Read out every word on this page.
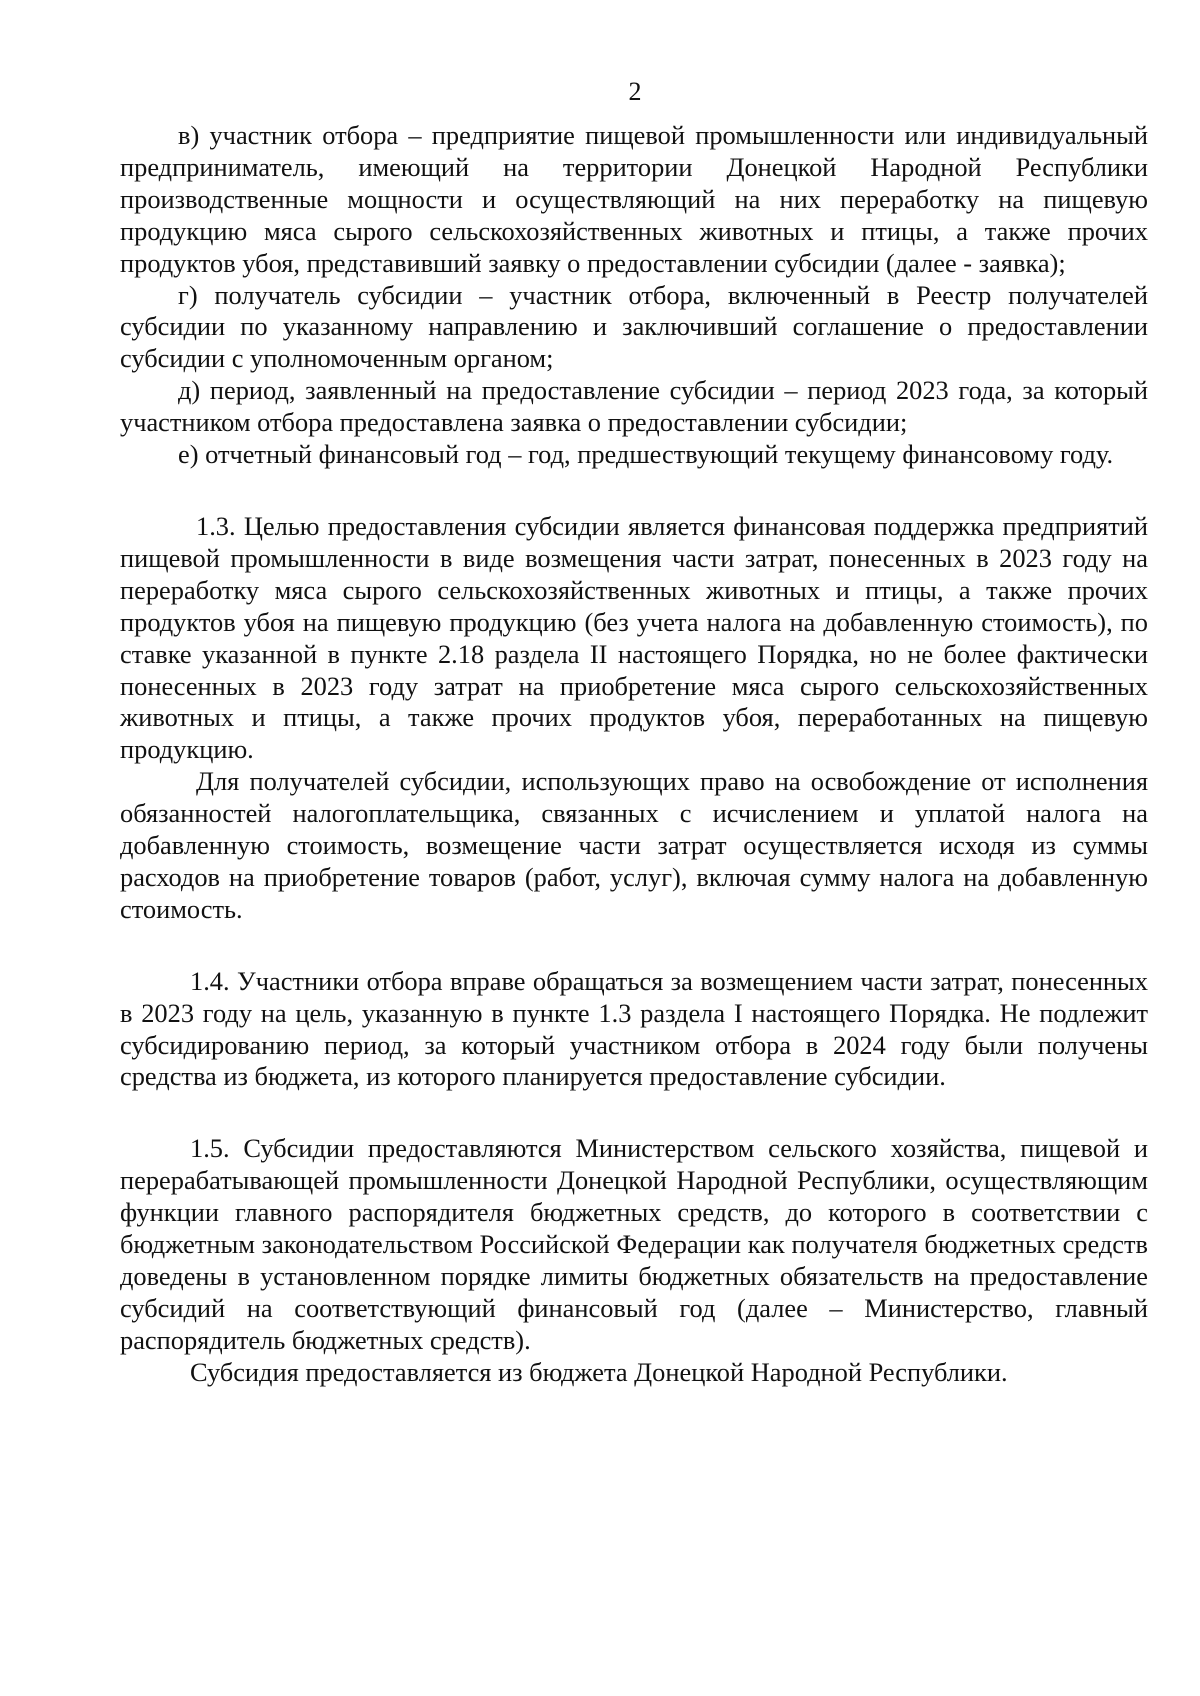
2

в) участник отбора – предприятие пищевой промышленности или индивидуальный предприниматель, имеющий на территории Донецкой Народной Республики производственные мощности и осуществляющий на них переработку на пищевую продукцию мяса сырого сельскохозяйственных животных и птицы, а также прочих продуктов убоя, представивший заявку о предоставлении субсидии (далее - заявка);

г) получатель субсидии – участник отбора, включенный в Реестр получателей субсидии по указанному направлению и заключивший соглашение о предоставлении субсидии с уполномоченным органом;

д) период, заявленный на предоставление субсидии – период 2023 года, за который участником отбора предоставлена заявка о предоставлении субсидии;

е) отчетный финансовый год – год, предшествующий текущему финансовому году.

1.3. Целью предоставления субсидии является финансовая поддержка предприятий пищевой промышленности в виде возмещения части затрат, понесенных в 2023 году на переработку мяса сырого сельскохозяйственных животных и птицы, а также прочих продуктов убоя на пищевую продукцию (без учета налога на добавленную стоимость), по ставке указанной в пункте 2.18 раздела II настоящего Порядка, но не более фактически понесенных в 2023 году затрат на приобретение мяса сырого сельскохозяйственных животных и птицы, а также прочих продуктов убоя, переработанных на пищевую продукцию.

Для получателей субсидии, использующих право на освобождение от исполнения обязанностей налогоплательщика, связанных с исчислением и уплатой налога на добавленную стоимость, возмещение части затрат осуществляется исходя из суммы расходов на приобретение товаров (работ, услуг), включая сумму налога на добавленную стоимость.

1.4. Участники отбора вправе обращаться за возмещением части затрат, понесенных в 2023 году на цель, указанную в пункте 1.3 раздела I настоящего Порядка. Не подлежит субсидированию период, за который участником отбора в 2024 году были получены средства из бюджета, из которого планируется предоставление субсидии.

1.5. Субсидии предоставляются Министерством сельского хозяйства, пищевой и перерабатывающей промышленности Донецкой Народной Республики, осуществляющим функции главного распорядителя бюджетных средств, до которого в соответствии с бюджетным законодательством Российской Федерации как получателя бюджетных средств доведены в установленном порядке лимиты бюджетных обязательств на предоставление субсидий на соответствующий финансовый год (далее – Министерство, главный распорядитель бюджетных средств).

Субсидия предоставляется из бюджета Донецкой Народной Республики.
